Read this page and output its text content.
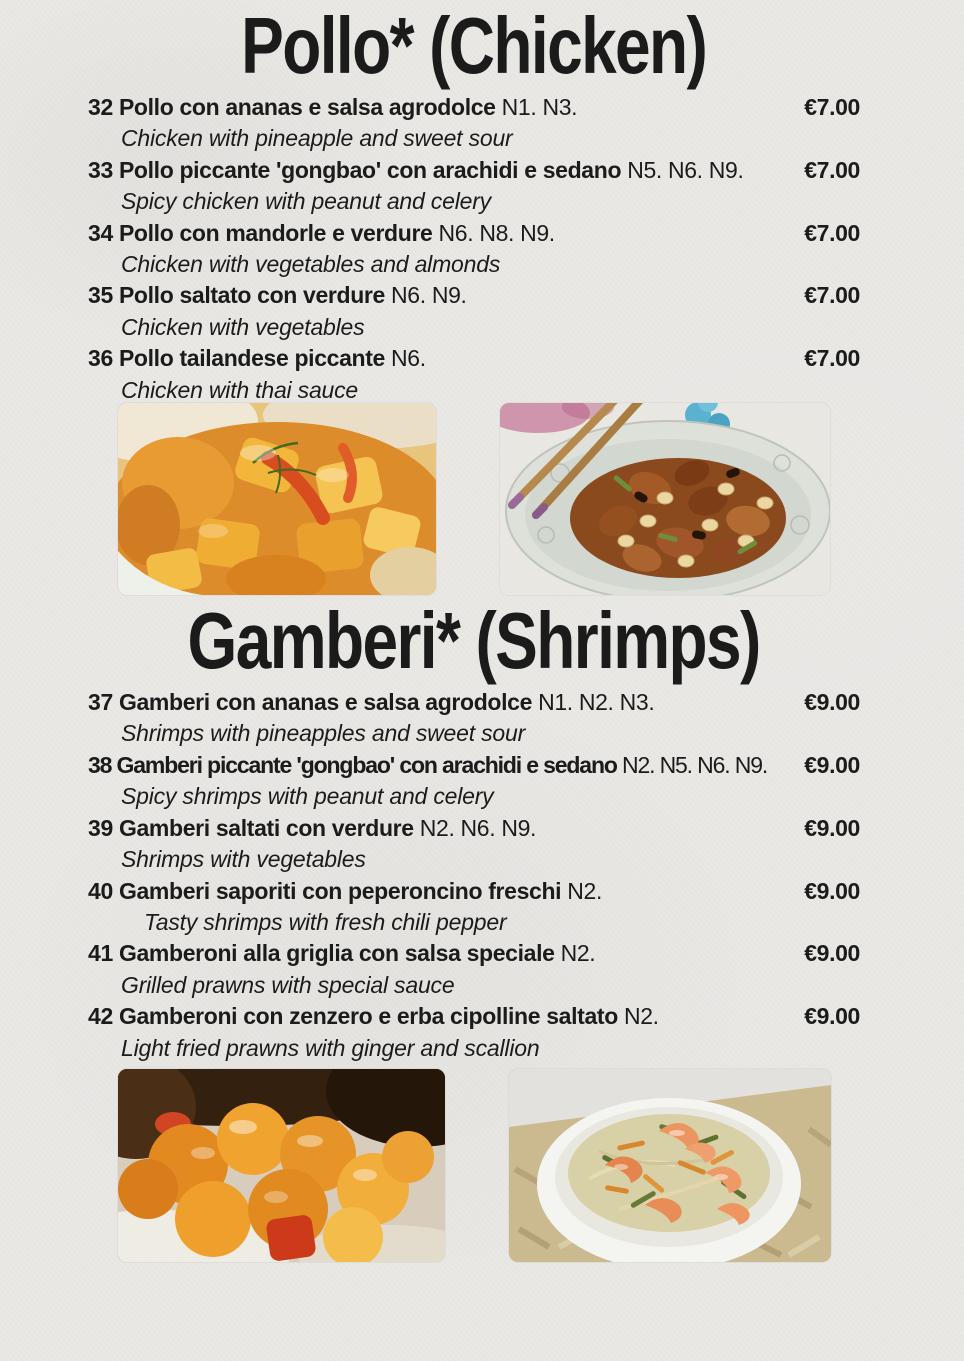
Pollo* (Chicken)
32 Pollo con ananas e salsa agrodolce N1. N3.	€7.00
Chicken with pineapple and sweet sour
33 Pollo piccante 'gongbao' con arachidi e sedano N5. N6. N9.	€7.00
Spicy chicken with peanut and celery
34 Pollo con mandorle e verdure N6. N8. N9.	€7.00
Chicken with vegetables and almonds
35 Pollo saltato con verdure N6. N9.	€7.00
Chicken with vegetables
36 Pollo tailandese piccante N6.	€7.00
Chicken with thai sauce
Gamberi* (Shrimps)
37 Gamberi con ananas e salsa agrodolce N1. N2. N3.	€9.00
Shrimps with pineapples and sweet sour
38 Gamberi piccante 'gongbao' con arachidi e sedano N2. N5. N6. N9.	€9.00
Spicy shrimps with peanut and celery
39 Gamberi saltati con verdure N2. N6. N9.	€9.00
Shrimps with vegetables
40 Gamberi saporiti con peperoncino freschi N2.	€9.00
Tasty shrimps with fresh chili pepper
41 Gamberoni alla griglia con salsa speciale N2.	€9.00
Grilled prawns with special sauce
42 Gamberoni con zenzero e erba cipolline saltato N2.	€9.00
Light fried prawns with ginger and scallion
